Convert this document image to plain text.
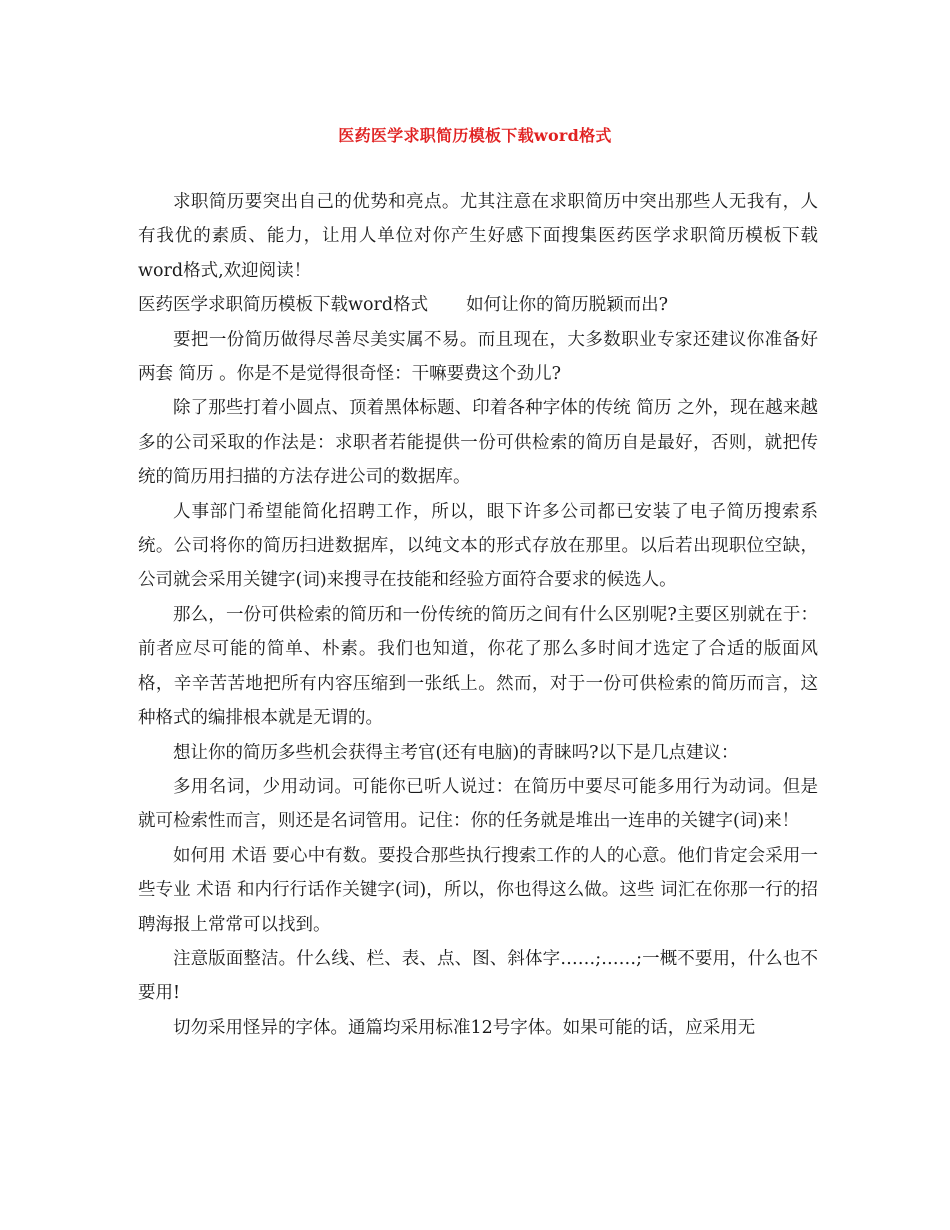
医药医学求职简历模板下载word格式

求职简历要突出自己的优势和亮点。尤其注意在求职简历中突出那些人无我有，人有我优的素质、能力，让用人单位对你产生好感下面搜集医药医学求职简历模板下载word格式,欢迎阅读！

医药医学求职简历模板下载word格式 如何让你的简历脱颖而出?

要把一份简历做得尽善尽美实属不易。而且现在，大多数职业专家还建议你准备好两套 简历 。你是不是觉得很奇怪：干嘛要费这个劲儿?

除了那些打着小圆点、顶着黑体标题、印着各种字体的传统 简历 之外，现在越来越多的公司采取的作法是：求职者若能提供一份可供检索的简历自是最好，否则，就把传统的简历用扫描的方法存进公司的数据库。

人事部门希望能简化招聘工作，所以，眼下许多公司都已安装了电子简历搜索系统。公司将你的简历扫进数据库，以纯文本的形式存放在那里。以后若出现职位空缺，公司就会采用关键字(词)来搜寻在技能和经验方面符合要求的候选人。

那么，一份可供检索的简历和一份传统的简历之间有什么区别呢?主要区别就在于：前者应尽可能的简单、朴素。我们也知道，你花了那么多时间才选定了合适的版面风格，辛辛苦苦地把所有内容压缩到一张纸上。然而，对于一份可供检索的简历而言，这种格式的编排根本就是无谓的。

想让你的简历多些机会获得主考官(还有电脑)的青睐吗?以下是几点建议：

多用名词，少用动词。可能你已听人说过：在简历中要尽可能多用行为动词。但是就可检索性而言，则还是名词管用。记住：你的任务就是堆出一连串的关键字(词)来！

如何用 术语 要心中有数。要投合那些执行搜索工作的人的心意。他们肯定会采用一些专业 术语 和内行行话作关键字(词)，所以，你也得这么做。这些 词汇在你那一行的招聘海报上常常可以找到。

注意版面整洁。什么线、栏、表、点、图、斜体字……;……;一概不要用，什么也不要用!

切勿采用怪异的字体。通篇均采用标准12号字体。如果可能的话，应采用无
